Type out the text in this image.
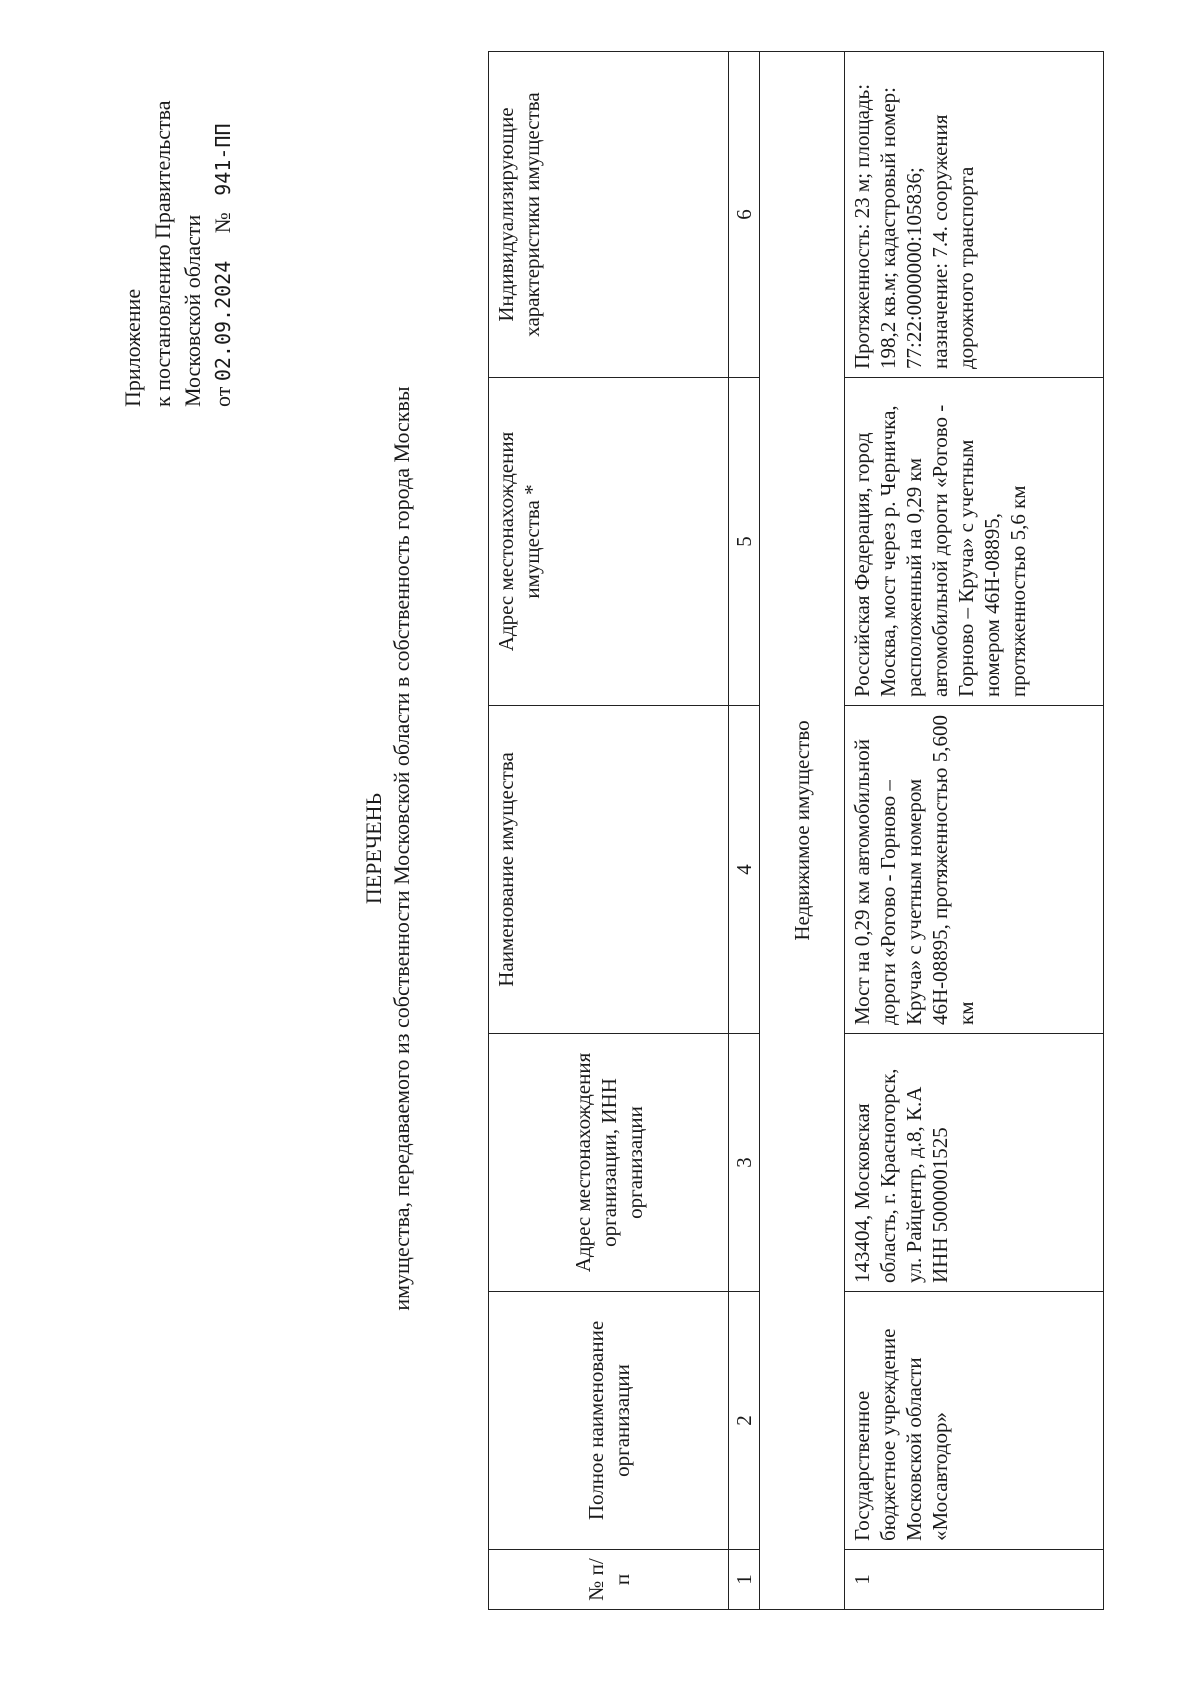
Приложение к постановлению Правительства Московской области от 02.09.2024     №   941-ПП
ПЕРЕЧЕНЬ имущества, передаваемого из собственности Московской области в собственность города Москвы
№ п/п	Полное наименование организации	Адрес местонахождения организации, ИНН организации	Наименование имущества	Адрес местонахождения имущества *	Индивидуализирующие характеристики имущества
1	2	3	4	5	6
Недвижимое имущество					
1	Государственное бюджетное учреждение Московской области «Мосавтодор»	143404, Московская область, г. Красногорск, ул. Райцентр, д.8, К.А ИНН 5000001525	Мост на 0,29 км автомобильной дороги «Рогово - Горново – Круча» с учетным номером 46Н-08895, протяженностью 5,600 км	Российская Федерация, город Москва, мост через р. Черничка, расположенный на 0,29 км автомобильной дороги «Рогово - Горново – Круча» с учетным номером 46Н-08895, протяженностью 5,6 км	Протяженность: 23 м; площадь: 198,2 кв.м; кадастровый номер: 77:22:0000000:105836; назначение: 7.4. сооружения дорожного транспорта
